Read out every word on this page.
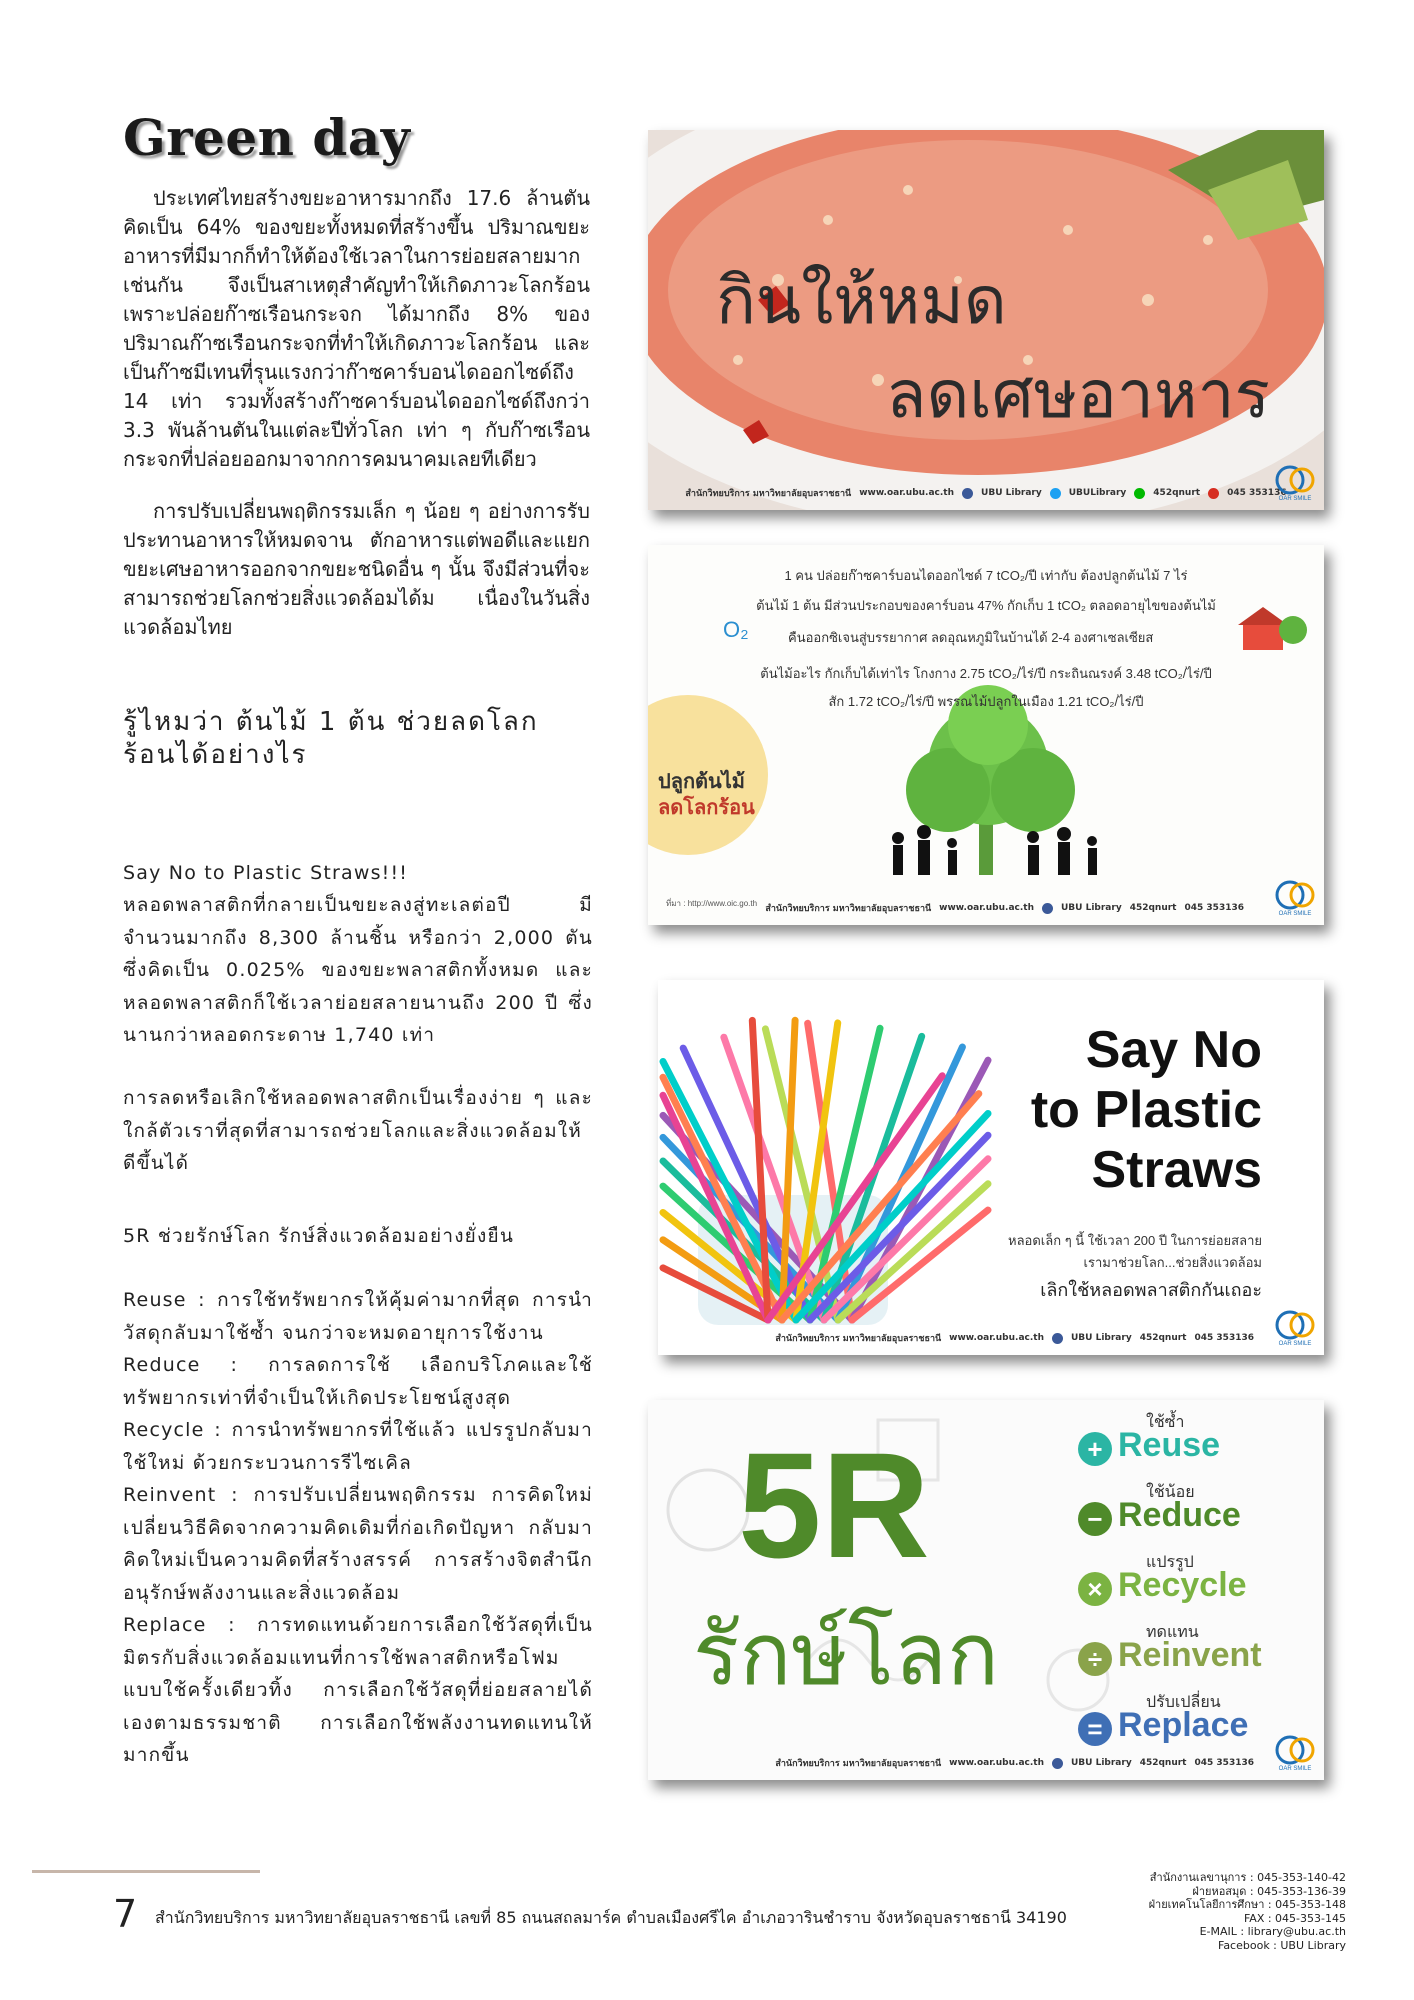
Green day

ประเทศไทยสร้างขยะอาหารมากถึง 17.6 ล้านตัน คิดเป็น 64% ของขยะทั้งหมดที่สร้างขึ้น ปริมาณขยะอาหารที่มีมากก็ทำให้ต้องใช้เวลาในการย่อยสลายมากเช่นกัน จึงเป็นสาเหตุสำคัญทำให้เกิดภาวะโลกร้อน เพราะปล่อยก๊าซเรือนกระจก ได้มากถึง 8% ของปริมาณก๊าซเรือนกระจกที่ทำให้เกิดภาวะโลกร้อน และเป็นก๊าซมีเทนที่รุนแรงกว่าก๊าซคาร์บอนไดออกไซด์ถึง 14 เท่า รวมทั้งสร้างก๊าซคาร์บอนไดออกไซด์ถึงกว่า 3.3 พันล้านตันในแต่ละปีทั่วโลก เท่า ๆ กับก๊าซเรือนกระจกที่ปล่อยออกมาจากการคมนาคมเลยทีเดียว

การปรับเปลี่ยนพฤติกรรมเล็ก ๆ น้อย ๆ อย่างการรับประทานอาหารให้หมดจาน ตักอาหารแต่พอดีและแยกขยะเศษอาหารออกจากขยะชนิดอื่น ๆ นั้น จึงมีส่วนที่จะสามารถช่วยโลกช่วยสิ่งแวดล้อมได้ม เนื่องในวันสิ่งแวดล้อมไทย

รู้ไหมว่า ต้นไม้ 1 ต้น ช่วยลดโลกร้อนได้อย่างไร
Say No to Plastic Straws!!!

หลอดพลาสติกที่กลายเป็นขยะลงสู่ทะเลต่อปี มีจำนวนมากถึง 8,300 ล้านชิ้น หรือกว่า 2,000 ตัน ซึ่งคิดเป็น 0.025% ของขยะพลาสติกทั้งหมด และหลอดพลาสติกก็ใช้เวลาย่อยสลายนานถึง 200 ปี ซึ่งนานกว่าหลอดกระดาษ 1,740 เท่า

การลดหรือเลิกใช้หลอดพลาสติกเป็นเรื่องง่าย ๆ และใกล้ตัวเราที่สุดที่สามารถช่วยโลกและสิ่งแวดล้อมให้ดีขึ้นได้

5R ช่วยรักษ์โลก รักษ์สิ่งแวดล้อมอย่างยั่งยืน

Reuse : การใช้ทรัพยากรให้คุ้มค่ามากที่สุด การนำวัสดุกลับมาใช้ซ้ำ จนกว่าจะหมดอายุการใช้งาน

Reduce : การลดการใช้ เลือกบริโภคและใช้ทรัพยากรเท่าที่จำเป็นให้เกิดประโยชน์สูงสุด

Recycle : การนำทรัพยากรที่ใช้แล้ว แปรรูปกลับมาใช้ใหม่ ด้วยกระบวนการรีไซเคิล

Reinvent : การปรับเปลี่ยนพฤติกรรม การคิดใหม่ เปลี่ยนวิธีคิดจากความคิดเดิมที่ก่อเกิดปัญหา กลับมาคิดใหม่เป็นความคิดที่สร้างสรรค์ การสร้างจิตสำนึกอนุรักษ์พลังงานและสิ่งแวดล้อม

Replace : การทดแทนด้วยการเลือกใช้วัสดุที่เป็นมิตรกับสิ่งแวดล้อมแทนที่การใช้พลาสติกหรือโฟมแบบใช้ครั้งเดียวทิ้ง การเลือกใช้วัสดุที่ย่อยสลายได้เองตามธรรมชาติ การเลือกใช้พลังงานทดแทนให้มากขึ้น

กินให้หมด
ลดเศษอาหาร
สำนักวิทยบริการ มหาวิทยาลัยอุบลราชธานี www.oar.ubu.ac.th	UBU Library	UBULibrary	452qnurt	045 353136
OAR SMILE
1 คน ปล่อยก๊าซคาร์บอนไดออกไซด์ 7 tCO₂/ปี เท่ากับ ต้องปลูกต้นไม้ 7 ไร่
ต้นไม้ 1 ต้น มีส่วนประกอบของคาร์บอน 47% กักเก็บ 1 tCO₂ ตลอดอายุไขของต้นไม้
O₂	คืนออกซิเจนสู่บรรยากาศ ลดอุณหภูมิในบ้านได้ 2-4 องศาเซลเซียส
ต้นไม้อะไร กักเก็บได้เท่าไร โกงกาง 2.75 tCO₂/ไร่/ปี กระถินณรงค์ 3.48 tCO₂/ไร่/ปี
สัก 1.72 tCO₂/ไร่/ปี พรรณไม้ปลูกในเมือง 1.21 tCO₂/ไร่/ปี
ปลูกต้นไม้
ลดโลกร้อน
ที่มา : http://www.oic.go.th
สำนักวิทยบริการ มหาวิทยาลัยอุบลราชธานี www.oar.ubu.ac.th	UBU Library 452qnurt 045 353136
OAR SMILE
Say No
to Plastic
Straws
หลอดเล็ก ๆ นี้ ใช้เวลา 200 ปี ในการย่อยสลาย
เรามาช่วยโลก...ช่วยสิ่งแวดล้อม
เลิกใช้หลอดพลาสติกกันเถอะ
สำนักวิทยบริการ มหาวิทยาลัยอุบลราชธานี www.oar.ubu.ac.th	UBU Library 452qnurt 045 353136
OAR SMILE
5R
รักษ์โลก
ใช้ซ้ำ
+ Reuse
ใช้น้อย
− Reduce
แปรรูป
× Recycle
ทดแทน
÷ Reinvent
ปรับเปลี่ยน
= Replace
สำนักวิทยบริการ มหาวิทยาลัยอุบลราชธานี www.oar.ubu.ac.th	UBU Library 452qnurt 045 353136
OAR SMILE
7 สำนักวิทยบริการ มหาวิทยาลัยอุบลราชธานี เลขที่ 85 ถนนสถลมาร์ค ตำบลเมืองศรีไค อำเภอวารินชำราบ จังหวัดอุบลราชธานี 34190
สำนักงานเลขานุการ : 045-353-140-42
ฝ่ายหอสมุด : 045-353-136-39
ฝ่ายเทคโนโลยีการศึกษา : 045-353-148
FAX : 045-353-145
E-MAIL : library@ubu.ac.th
Facebook : UBU Library
